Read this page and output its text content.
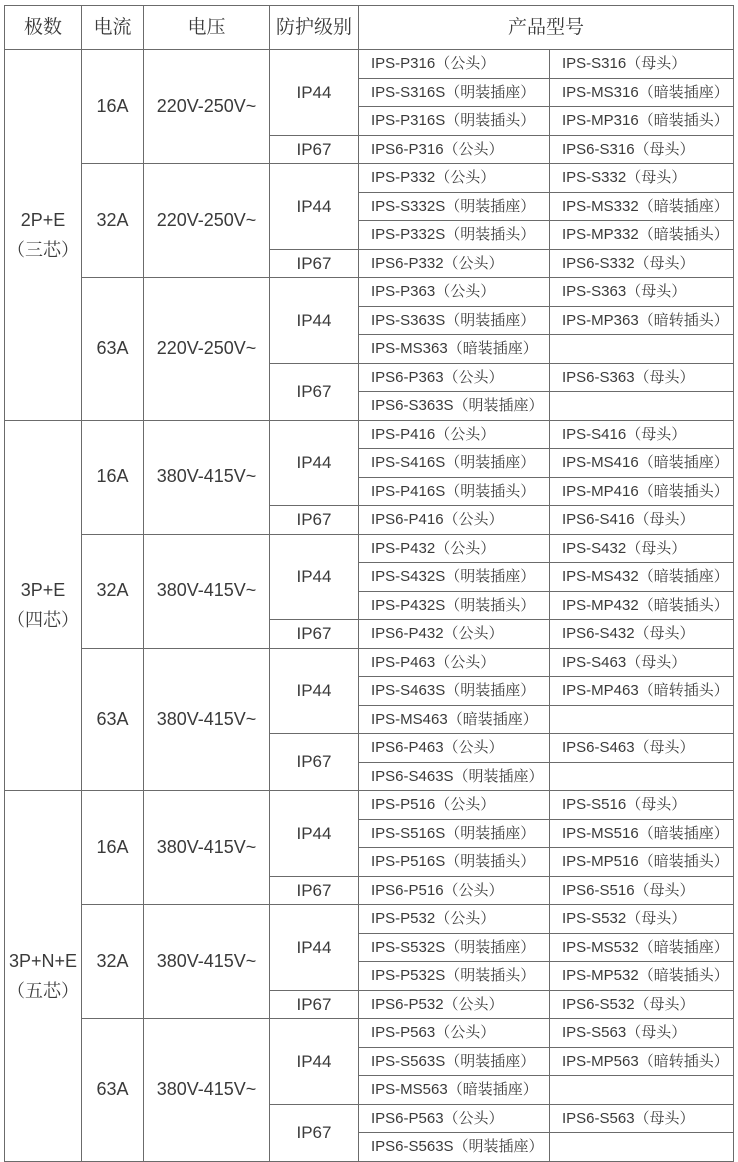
极数	电流	电压	防护级别	产品型号	
2P+E
（三芯）	16A	220V-250V~	IP44	IPS-P316（公头）	IPS-S316（母头）
				IPS-S316S（明装插座）	IPS-MS316（暗装插座）
				IPS-P316S（明装插头）	IPS-MP316（暗装插头）
			IP67	IPS6-P316（公头）	IPS6-S316（母头）
	32A	220V-250V~	IP44	IPS-P332（公头）	IPS-S332（母头）
				IPS-S332S（明装插座）	IPS-MS332（暗装插座）
				IPS-P332S（明装插头）	IPS-MP332（暗装插头）
			IP67	IPS6-P332（公头）	IPS6-S332（母头）
	63A	220V-250V~	IP44	IPS-P363（公头）	IPS-S363（母头）
				IPS-S363S（明装插座）	IPS-MP363（暗转插头）
				IPS-MS363（暗装插座）	
			IP67	IPS6-P363（公头）	IPS6-S363（母头）
				IPS6-S363S（明装插座）	
3P+E
（四芯）	16A	380V-415V~	IP44	IPS-P416（公头）	IPS-S416（母头）
				IPS-S416S（明装插座）	IPS-MS416（暗装插座）
				IPS-P416S（明装插头）	IPS-MP416（暗装插头）
			IP67	IPS6-P416（公头）	IPS6-S416（母头）
	32A	380V-415V~	IP44	IPS-P432（公头）	IPS-S432（母头）
				IPS-S432S（明装插座）	IPS-MS432（暗装插座）
				IPS-P432S（明装插头）	IPS-MP432（暗装插头）
			IP67	IPS6-P432（公头）	IPS6-S432（母头）
	63A	380V-415V~	IP44	IPS-P463（公头）	IPS-S463（母头）
				IPS-S463S（明装插座）	IPS-MP463（暗转插头）
				IPS-MS463（暗装插座）	
			IP67	IPS6-P463（公头）	IPS6-S463（母头）
				IPS6-S463S（明装插座）	
3P+N+E
（五芯）	16A	380V-415V~	IP44	IPS-P516（公头）	IPS-S516（母头）
				IPS-S516S（明装插座）	IPS-MS516（暗装插座）
				IPS-P516S（明装插头）	IPS-MP516（暗装插头）
			IP67	IPS6-P516（公头）	IPS6-S516（母头）
	32A	380V-415V~	IP44	IPS-P532（公头）	IPS-S532（母头）
				IPS-S532S（明装插座）	IPS-MS532（暗装插座）
				IPS-P532S（明装插头）	IPS-MP532（暗装插头）
			IP67	IPS6-P532（公头）	IPS6-S532（母头）
	63A	380V-415V~	IP44	IPS-P563（公头）	IPS-S563（母头）
				IPS-S563S（明装插座）	IPS-MP563（暗转插头）
				IPS-MS563（暗装插座）	
			IP67	IPS6-P563（公头）	IPS6-S563（母头）
				IPS6-S563S（明装插座）	
